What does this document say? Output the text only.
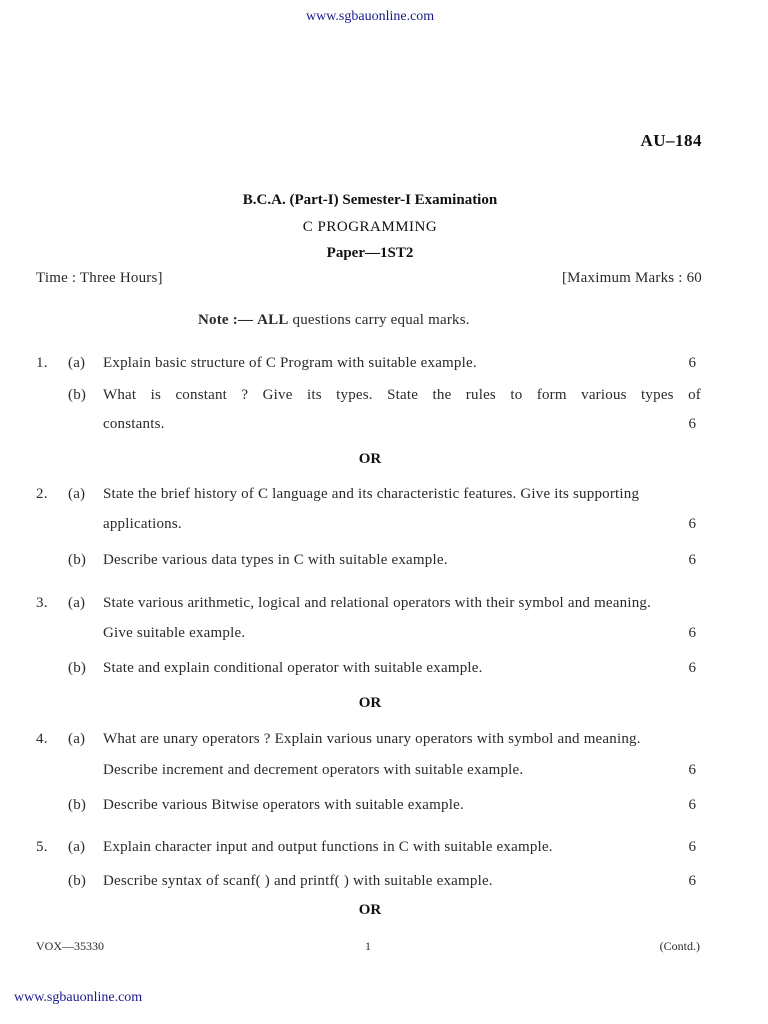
www.sgbauonline.com
AU–184
B.C.A. (Part-I) Semester-I Examination
C PROGRAMMING
Paper—1ST2
Time : Three Hours]	[Maximum Marks : 60
Note :— ALL questions carry equal marks.
1. (a) Explain basic structure of C Program with suitable example.	6
(b) What is constant ? Give its types. State the rules to form various types of
constants.	6
OR
2. (a) State the brief history of C language and its characteristic features. Give its supporting
applications.	6
(b) Describe various data types in C with suitable example.	6
3. (a) State various arithmetic, logical and relational operators with their symbol and meaning.
Give suitable example.	6
(b) State and explain conditional operator with suitable example.	6
OR
4. (a) What are unary operators ? Explain various unary operators with symbol and meaning.
Describe increment and decrement operators with suitable example.	6
(b) Describe various Bitwise operators with suitable example.	6
5. (a) Explain character input and output functions in C with suitable example.	6
(b) Describe syntax of scanf( ) and printf( ) with suitable example.	6
OR
VOX—35330	1	(Contd.)
www.sgbauonline.com
